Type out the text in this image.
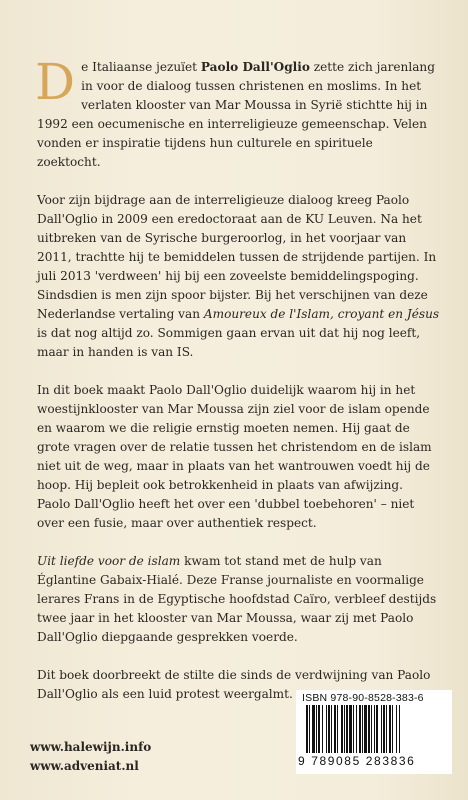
De Italiaanse jezuïet Paolo Dall'Oglio zette zich jarenlang in voor de dialoog tussen christenen en moslims. In het verlaten klooster van Mar Moussa in Syrië stichtte hij in 1992 een oecumenische en interreligieuze gemeenschap. Velen vonden er inspiratie tijdens hun culturele en spirituele zoektocht.

Voor zijn bijdrage aan de interreligieuze dialoog kreeg Paolo Dall'Oglio in 2009 een eredoctoraat aan de KU Leuven. Na het uitbreken van de Syrische burgeroorlog, in het voorjaar van 2011, trachtte hij te bemiddelen tussen de strijdende partijen. In juli 2013 'verdween' hij bij een zoveelste bemiddelingspoging. Sindsdien is men zijn spoor bijster. Bij het verschijnen van deze Nederlandse vertaling van Amoureux de l'Islam, croyant en Jésus is dat nog altijd zo. Sommigen gaan ervan uit dat hij nog leeft, maar in handen is van IS.

In dit boek maakt Paolo Dall'Oglio duidelijk waarom hij in het woestijnklooster van Mar Moussa zijn ziel voor de islam opende en waarom we die religie ernstig moeten nemen. Hij gaat de grote vragen over de relatie tussen het christendom en de islam niet uit de weg, maar in plaats van het wantrouwen voedt hij de hoop. Hij bepleit ook betrokkenheid in plaats van afwijzing. Paolo Dall'Oglio heeft het over een 'dubbel toebehoren' – niet over een fusie, maar over authentiek respect.

Uit liefde voor de islam kwam tot stand met de hulp van Églantine Gabaix-Hialé. Deze Franse journaliste en voormalige lerares Frans in de Egyptische hoofdstad Caïro, verbleef destijds twee jaar in het klooster van Mar Moussa, waar zij met Paolo Dall'Oglio diepgaande gesprekken voerde.

Dit boek doorbreekt de stilte die sinds de verdwijning van Paolo Dall'Oglio als een luid protest weergalmt. ISBN 978-90-8528-383-6
9 789085 283836
www.halewijn.info
www.adveniat.nl
